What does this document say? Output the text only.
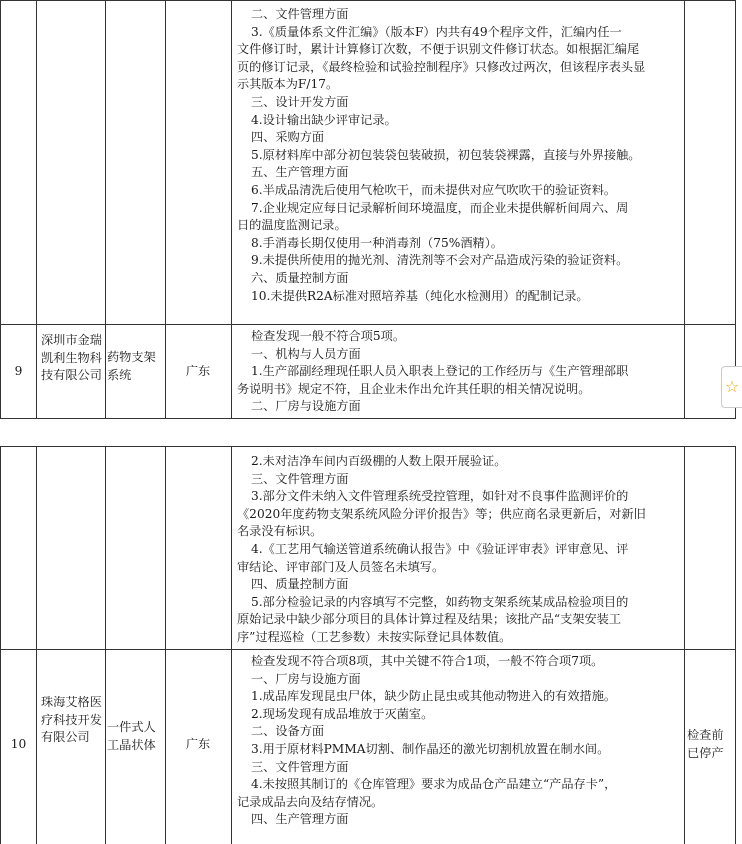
二、文件管理方面

3.《质量体系文件汇编》（版本F）内共有49个程序文件，汇编内任一

文件修订时，累计计算修订次数，不便于识别文件修订状态。如根据汇编尾

页的修订记录，《最终检验和试验控制程序》只修改过两次，但该程序表头显

示其版本为F/17。

三、设计开发方面

4.设计输出缺少评审记录。

四、采购方面

5.原材料库中部分初包装袋包装破损，初包装袋裸露，直接与外界接触。

五、生产管理方面

6.半成品清洗后使用气枪吹干，而未提供对应气吹吹干的验证资料。

7.企业规定应每日记录解析间环境温度，而企业未提供解析间周六、周

日的温度监测记录。

8.手消毒长期仅使用一种消毒剂（75%酒精）。

9.未提供所使用的抛光剂、清洗剂等不会对产品造成污染的验证资料。

六、质量控制方面

10.未提供R2A标准对照培养基（纯化水检测用）的配制记录。

9
深圳市金瑞凯利生物科技有限公司
药物支架系统	广东

检查发现一般不符合项5项。

一、机构与人员方面

1.生产部副经理现任职人员入职表上登记的工作经历与《生产管理部职

务说明书》规定不符，且企业未作出允许其任职的相关情况说明。

二、厂房与设施方面

☆

2.未对洁净车间内百级棚的人数上限开展验证。

三、文件管理方面

3.部分文件未纳入文件管理系统受控管理，如针对不良事件监测评价的

《2020年度药物支架系统风险分评价报告》等；供应商名录更新后，对新旧

名录没有标识。

4.《工艺用气输送管道系统确认报告》中《验证评审表》评审意见、评

审结论、评审部门及人员签名未填写。

四、质量控制方面

5.部分检验记录的内容填写不完整，如药物支架系统某成品检验项目的

原始记录中缺少部分项目的具体计算过程及结果；该批产品“支架安装工

序”过程巡检（工艺参数）未按实际登记具体数值。

10
珠海艾格医疗科技开发有限公司
一件式人工晶状体	广东
检查前已停产

检查发现不符合项8项，其中关键不符合1项，一般不符合项7项。

一、厂房与设施方面

1.成品库发现昆虫尸体，缺少防止昆虫或其他动物进入的有效措施。

2.现场发现有成品堆放于灭菌室。

二、设备方面

3.用于原材料PMMA切割、制作晶还的激光切割机放置在制水间。

三、文件管理方面

4.未按照其制订的《仓库管理》要求为成品仓产品建立“产品存卡”，

记录成品去向及结存情况。

四、生产管理方面
